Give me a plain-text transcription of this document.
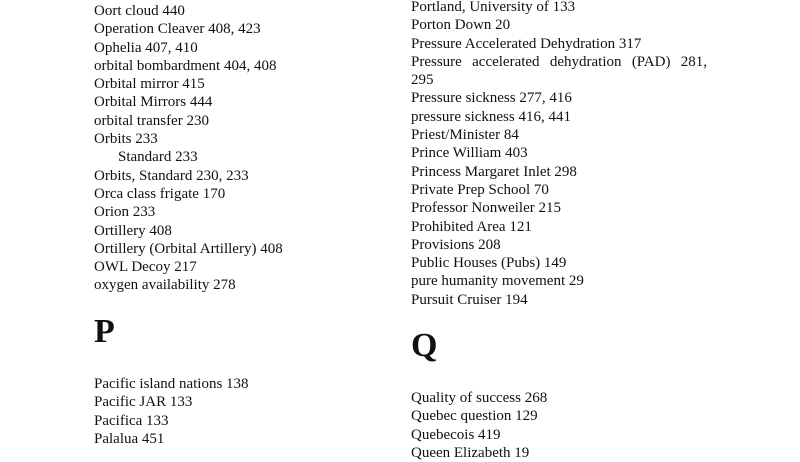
Oort cloud 440
Operation Cleaver 408, 423
Ophelia 407, 410
orbital bombardment 404, 408
Orbital mirror 415
Orbital Mirrors 444
orbital transfer 230
Orbits 233
Standard 233
Orbits, Standard 230, 233
Orca class frigate 170
Orion 233
Ortillery 408
Ortillery (Orbital Artillery) 408
OWL Decoy 217
oxygen availability 278
P
Pacific island nations 138
Pacific JAR 133
Pacifica 133
Palalua 451
Portland, University of 133
Porton Down 20
Pressure Accelerated Dehydration 317
Pressure accelerated dehydration (PAD) 281, 295
Pressure sickness 277, 416
pressure sickness 416, 441
Priest/Minister 84
Prince William 403
Princess Margaret Inlet 298
Private Prep School 70
Professor Nonweiler 215
Prohibited Area 121
Provisions 208
Public Houses (Pubs) 149
pure humanity movement 29
Pursuit Cruiser 194
Q
Quality of success 268
Quebec question 129
Quebecois 419
Queen Elizabeth 19
